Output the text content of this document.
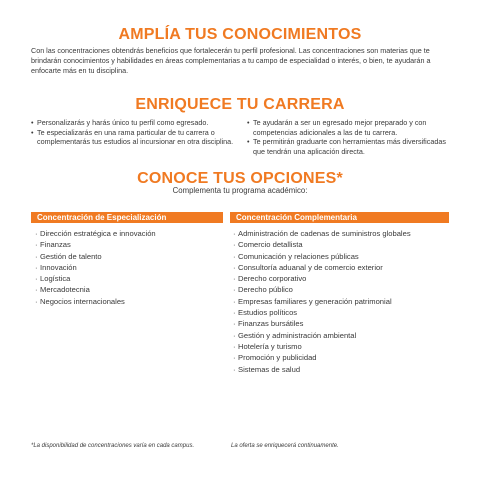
AMPLÍA TUS CONOCIMIENTOS

Con las concentraciones obtendrás beneficios que fortalecerán tu perfil profesional. Las concentraciones son materias que te brindarán conocimientos y habilidades en áreas complementarias a tu campo de especialidad o interés, o bien, te ayudarán a enfocarte más en tu disciplina.

ENRIQUECE TU CARRERA
• Personalizarás y harás único tu perfil como egresado.
• Te especializarás en una rama particular de tu carrera o complementarás tus estudios al incursionar en otra disciplina.
• Te ayudarán a ser un egresado mejor preparado y con competencias adicionales a las de tu carrera.
• Te permitirán graduarte con herramientas más diversificadas que tendrán una aplicación directa.
CONOCE TUS OPCIONES*

Complementa tu programa académico:

Concentración de Especialización	Concentración Complementaria
· Dirección estratégica e innovación
· Finanzas
· Gestión de talento
· Innovación
· Logística
· Mercadotecnia
· Negocios internacionales
· Administración de cadenas de suministros globales
· Comercio detallista
· Comunicación y relaciones públicas
· Consultoría aduanal y de comercio exterior
· Derecho corporativo
· Derecho público
· Empresas familiares y generación patrimonial
· Estudios políticos
· Finanzas bursátiles
· Gestión y administración ambiental
· Hotelería y turismo
· Promoción y publicidad
· Sistemas de salud

*La disponibilidad de concentraciones varía en cada campus.	La oferta se enriquecerá continuamente.
